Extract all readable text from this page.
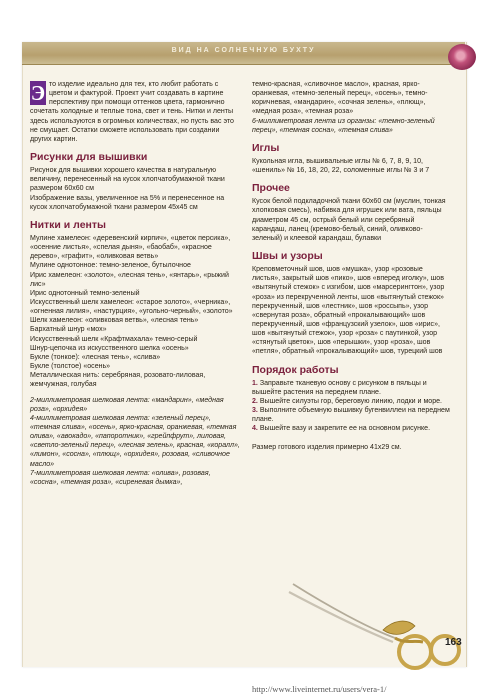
ВИД НА СОЛНЕЧНУЮ БУХТУ

Э то изделие идеально для тех, кто любит работать с цветом и фактурой. Проект учит создавать в картине перспективу при помощи оттенков цвета, гармонично сочетать холодные и теплые тона, свет и тень. Нитки и ленты здесь используются в огромных количествах, но пусть вас это не смущает. Остатки сможете использовать при создании других картин.

Рисунки для вышивки

Рисунок для вышивки хорошего качества в натуральную величину, перенесенный на кусок хлопчатобумажной ткани размером 60х60 см

Изображение вазы, увеличенное на 5% и перенесенное на кусок хлопчатобумажной ткани размером 45х45 см

Нитки и ленты

Мулине хамелеон: «деревенский кирпич», «цветок персика», «осенние листья», «спелая дыня», «баобаб», «красное дерево», «графит», «оливковая ветвь»

Мулине однотонное: темно-зеленое, бутылочное

Ирис хамелеон: «золото», «лесная тень», «янтарь», «рыжий лис»

Ирис однотонный темно-зеленый

Искусственный шелк хамелеон: «старое золото», «черника», «огненная лилия», «настурция», «угольно-черный», «золото»

Шелк хамелеон: «оливковая ветвь», «лесная тень»

Бархатный шнур «мох»

Искусственный шелк «Крафтмахала» темно-серый

Шнур-цепочка из искусственного шелка «осень»

Букле (тонкое): «лесная тень», «слива»

Букле (толстое) «осень»

Металлическая нить: серебряная, розовато-лиловая, жемчужная, голубая

2-миллиметровая шелковая лента: «мандарин», «медная роза», «орхидея»

4-миллиметровая шелковая лента: «зеленый перец», «темная слива», «осень», ярко-красная, оранжевая, «темная олива», «авокадо», «папоротник», «грейпфрут», лиловая, «светло-зеленый перец», «лесная зелень», красная, «коралл», «лимон», «сосна», «плющ», «орхидея», розовая, «сливочное масло»

7-миллиметровая шелковая лента: «олива», розовая, «сосна», «темная роза», «сиреневая дымка»,

темно-красная, «сливочное масло», красная, ярко-оранжевая, «темно-зеленый перец», «осень», темно-коричневая, «мандарин», «сочная зелень», «плющ», «медная роза», «темная роза»

6-миллиметровая лента из органзы: «темно-зеленый перец», «темная сосна», «темная слива»

Иглы

Кукольная игла, вышивальные иглы № 6, 7, 8, 9, 10, «шениль» № 16, 18, 20, 22, соломенные иглы № 3 и 7

Прочее

Кусок белой подкладочной ткани 60х60 см (муслин, тонкая хлопковая смесь), набивка для игрушек или вата, пяльцы диаметром 45 см, острый белый или серебряный карандаш, ланец (кремово-белый, синий, оливково-зеленый) и клеевой карандаш, булавки

Швы и узоры

Креповметочный шов, шов «мушка», узор «розовые листья», закрытый шов «пико», шов «вперед иголку», шов «вытянутый стежок» с изгибом, шов «марсерингтон», узор «роза» из перекрученной ленты, шов «вытянутый стежок» перекрученный, шов «лестник», шов «россыпь», узор «свернутая роза», обратный «прокалывающий» шов перекрученный, шов «французский узелок», шов «ирис», шов «вытянутый стежок», узор «роза» с паутинкой, узор «стянутый цветок», шов «перышки», узор «роза», шов «петля», обратный «прокалывающий» шов, турецкий шов

Порядок работы
1. Заправьте тканевую основу с рисунком в пяльцы и вышейте растения на переднем плане.
2. Вышейте силуэты гор, береговую линию, лодки и море.
3. Выполните объемную вышивку бугенвиллеи на переднем плане.
4. Вышейте вазу и закрепите ее на основном рисунке.

Размер готового изделия примерно 41х29 см.

163
http://www.liveinternet.ru/users/vera-1/
